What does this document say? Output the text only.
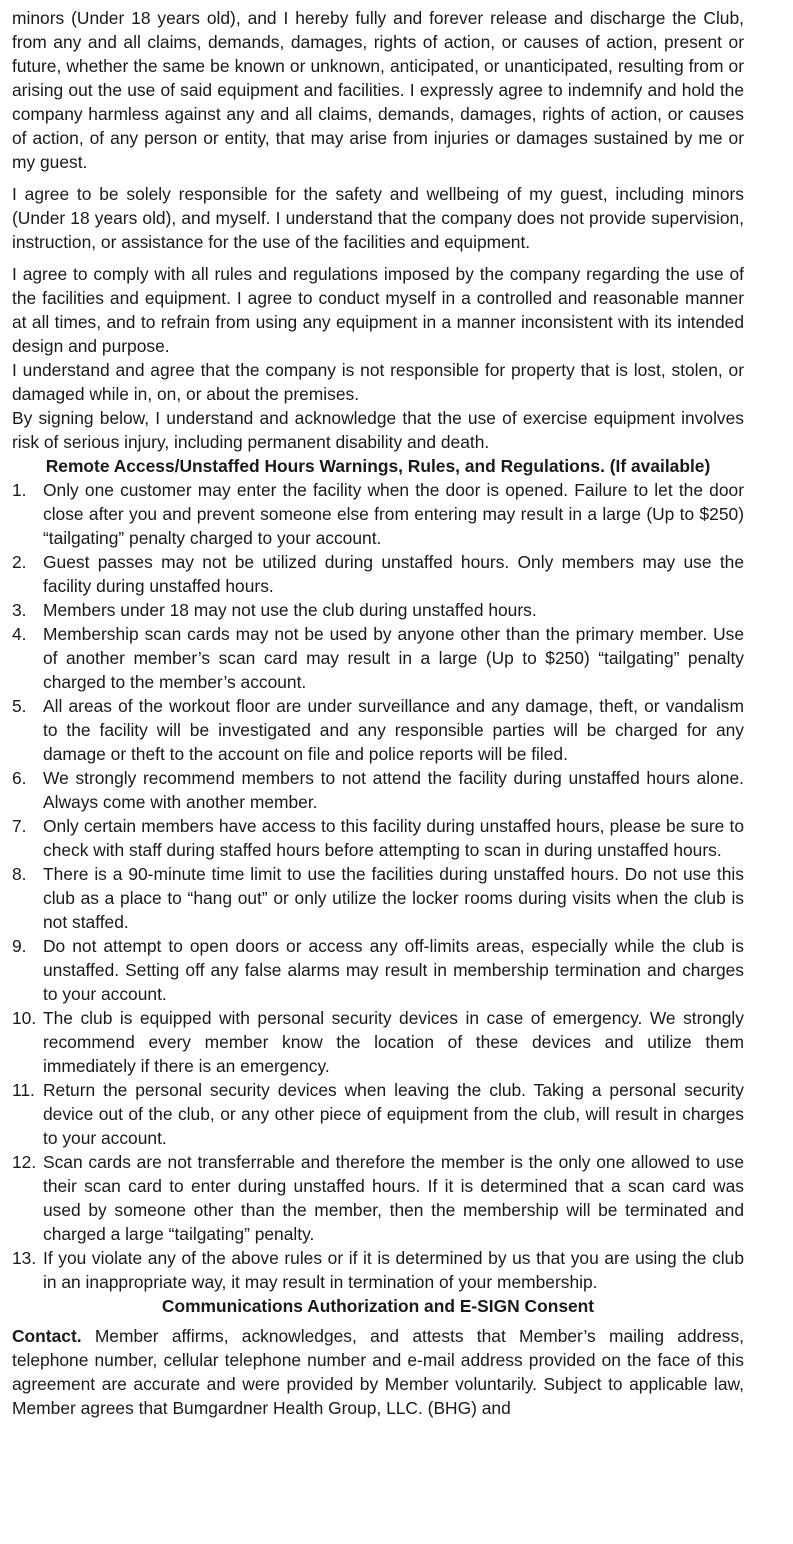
minors (Under 18 years old), and I hereby fully and forever release and discharge the Club, from any and all claims, demands, damages, rights of action, or causes of action, present or future, whether the same be known or unknown, anticipated, or unanticipated, resulting from or arising out the use of said equipment and facilities. I expressly agree to indemnify and hold the company harmless against any and all claims, demands, damages, rights of action, or causes of action, of any person or entity, that may arise from injuries or damages sustained by me or my guest.

I agree to be solely responsible for the safety and wellbeing of my guest, including minors (Under 18 years old), and myself. I understand that the company does not provide supervision, instruction, or assistance for the use of the facilities and equipment.

I agree to comply with all rules and regulations imposed by the company regarding the use of the facilities and equipment. I agree to conduct myself in a controlled and reasonable manner at all times, and to refrain from using any equipment in a manner inconsistent with its intended design and purpose.

I understand and agree that the company is not responsible for property that is lost, stolen, or damaged while in, on, or about the premises.

By signing below, I understand and acknowledge that the use of exercise equipment involves risk of serious injury, including permanent disability and death.

Remote Access/Unstaffed Hours Warnings, Rules, and Regulations. (If available)

1. Only one customer may enter the facility when the door is opened. Failure to let the door close after you and prevent someone else from entering may result in a large (Up to $250) “tailgating” penalty charged to your account.
2. Guest passes may not be utilized during unstaffed hours. Only members may use the facility during unstaffed hours.
3. Members under 18 may not use the club during unstaffed hours.
4. Membership scan cards may not be used by anyone other than the primary member. Use of another member’s scan card may result in a large (Up to $250) “tailgating” penalty charged to the member’s account.
5. All areas of the workout floor are under surveillance and any damage, theft, or vandalism to the facility will be investigated and any responsible parties will be charged for any damage or theft to the account on file and police reports will be filed.
6. We strongly recommend members to not attend the facility during unstaffed hours alone. Always come with another member.
7. Only certain members have access to this facility during unstaffed hours, please be sure to check with staff during staffed hours before attempting to scan in during unstaffed hours.
8. There is a 90-minute time limit to use the facilities during unstaffed hours. Do not use this club as a place to “hang out” or only utilize the locker rooms during visits when the club is not staffed.
9. Do not attempt to open doors or access any off-limits areas, especially while the club is unstaffed. Setting off any false alarms may result in membership termination and charges to your account.
10. The club is equipped with personal security devices in case of emergency. We strongly recommend every member know the location of these devices and utilize them immediately if there is an emergency.
11. Return the personal security devices when leaving the club. Taking a personal security device out of the club, or any other piece of equipment from the club, will result in charges to your account.
12. Scan cards are not transferrable and therefore the member is the only one allowed to use their scan card to enter during unstaffed hours. If it is determined that a scan card was used by someone other than the member, then the membership will be terminated and charged a large “tailgating” penalty.
13. If you violate any of the above rules or if it is determined by us that you are using the club in an inappropriate way, it may result in termination of your membership.

Communications Authorization and E-SIGN Consent

Contact. Member affirms, acknowledges, and attests that Member’s mailing address, telephone number, cellular telephone number and e-mail address provided on the face of this agreement are accurate and were provided by Member voluntarily. Subject to applicable law, Member agrees that Bumgardner Health Group, LLC. (BHG) and
